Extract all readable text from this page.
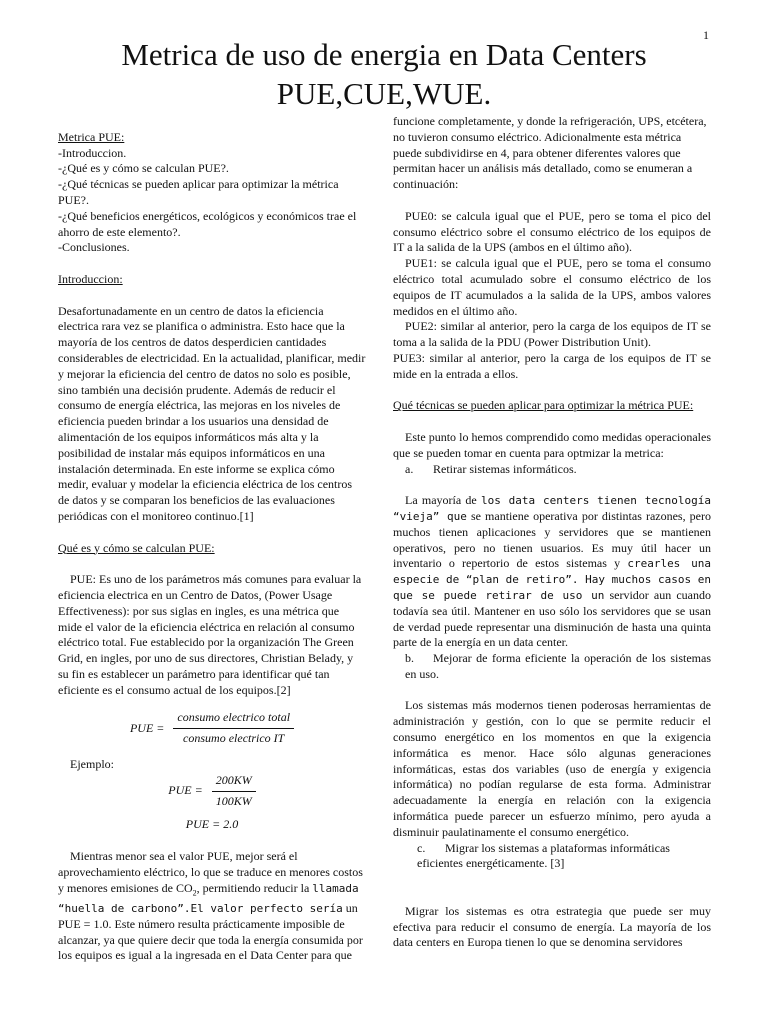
1
Metrica de uso de energia en Data Centers
PUE,CUE,WUE.

Metrica PUE:

-Introduccion.

-¿Qué es y cómo se calculan PUE?.

-¿Qué técnicas se pueden aplicar para optimizar la métrica PUE?.

-¿Qué beneficios energéticos, ecológicos y económicos trae el ahorro de este elemento?.

-Conclusiones.

Introduccion:

Desafortunadamente en un centro de datos la eficiencia electrica rara vez se planifica o administra. Esto hace que la mayoría de los centros de datos desperdicien cantidades considerables de electricidad. En la actualidad, planificar, medir y mejorar la eficiencia del centro de datos no solo es posible, sino también una decisión prudente. Además de reducir el consumo de energía eléctrica, las mejoras en los niveles de eficiencia pueden brindar a los usuarios una densidad de alimentación de los equipos informáticos más alta y la posibilidad de instalar más equipos informáticos en una instalación determinada. En este informe se explica cómo medir, evaluar y modelar la eficiencia eléctrica de los centros de datos y se comparan los beneficios de las evaluaciones periódicas con el monitoreo continuo.[1]

Qué es y cómo se calculan PUE:

PUE: Es uno de los parámetros más comunes para evaluar la eficiencia electrica en un Centro de Datos, (Power Usage Effectiveness): por sus siglas en ingles, es una métrica que mide el valor de la eficiencia eléctrica en relación al consumo eléctrico total. Fue establecido por la organización The Green Grid, en ingles, por uno de sus directores, Christian Belady, y su fin es establecer un parámetro para identificar qué tan eficiente es el consumo actual de los equipos.[2]

PUE = $\frac{\text{consumo electrico total}}{\text{consumo electrico IT}}$

Ejemplo:

PUE = $\frac{200KW}{100KW}$
PUE = 2.0

Mientras menor sea el valor PUE, mejor será el aprovechamiento eléctrico, lo que se traduce en menores costos y menores emisiones de $CO_2$, permitiendo reducir la llamada “huella de carbono”.El valor perfecto sería un PUE = 1.0. Este número resulta prácticamente imposible de alcanzar, ya que quiere decir que toda la energía consumida por los equipos es igual a la ingresada en el Data Center para que

funcione completamente, y donde la refrigeración, UPS, etcétera, no tuvieron consumo eléctrico. Adicionalmente esta métrica puede subdividirse en 4, para obtener diferentes valores que permitan hacer un análisis más detallado, como se enumeran a continuación:

PUE0: se calcula igual que el PUE, pero se toma el pico del consumo eléctrico sobre el consumo eléctrico de los equipos de IT a la salida de la UPS (ambos en el último año).

PUE1: se calcula igual que el PUE, pero se toma el consumo eléctrico total acumulado sobre el consumo eléctrico de los equipos de IT acumulados a la salida de la UPS, ambos valores medidos en el último año.

PUE2: similar al anterior, pero la carga de los equipos de IT se toma a la salida de la PDU (Power Distribution Unit).

PUE3: similar al anterior, pero la carga de los equipos de IT se mide en la entrada a ellos.

Qué técnicas se pueden aplicar para optimizar la métrica PUE:

Este punto lo hemos comprendido como medidas operacionales que se pueden tomar en cuenta para optmizar la metrica:

a. Retirar sistemas informáticos.

La mayoría de los data centers tienen tecnología “vieja” que se mantiene operativa por distintas razones, pero muchos tienen aplicaciones y servidores que se mantienen operativos, pero no tienen usuarios. Es muy útil hacer un inventario o repertorio de estos sistemas y crearles una especie de “plan de retiro”. Hay muchos casos en que se puede retirar de uso un servidor aun cuando todavía sea útil. Mantener en uso sólo los servidores que se usan de verdad puede representar una disminución de hasta una quinta parte de la energía en un data center.

b. Mejorar de forma eficiente la operación de los sistemas en uso.

Los sistemas más modernos tienen poderosas herramientas de administración y gestión, con lo que se permite reducir el consumo energético en los momentos en que la exigencia informática es menor. Hace sólo algunas generaciones informáticas, estas dos variables (uso de energía y exigencia informática) no podían regularse de esta forma. Administrar adecuadamente la energía en relación con la exigencia informática puede parecer un esfuerzo mínimo, pero ayuda a disminuir paulatinamente el consumo energético.

c. Migrar los sistemas a plataformas informáticas eficientes energéticamente. [3]

Migrar los sistemas es otra estrategia que puede ser muy efectiva para reducir el consumo de energía. La mayoría de los data centers en Europa tienen lo que se denomina servidores
